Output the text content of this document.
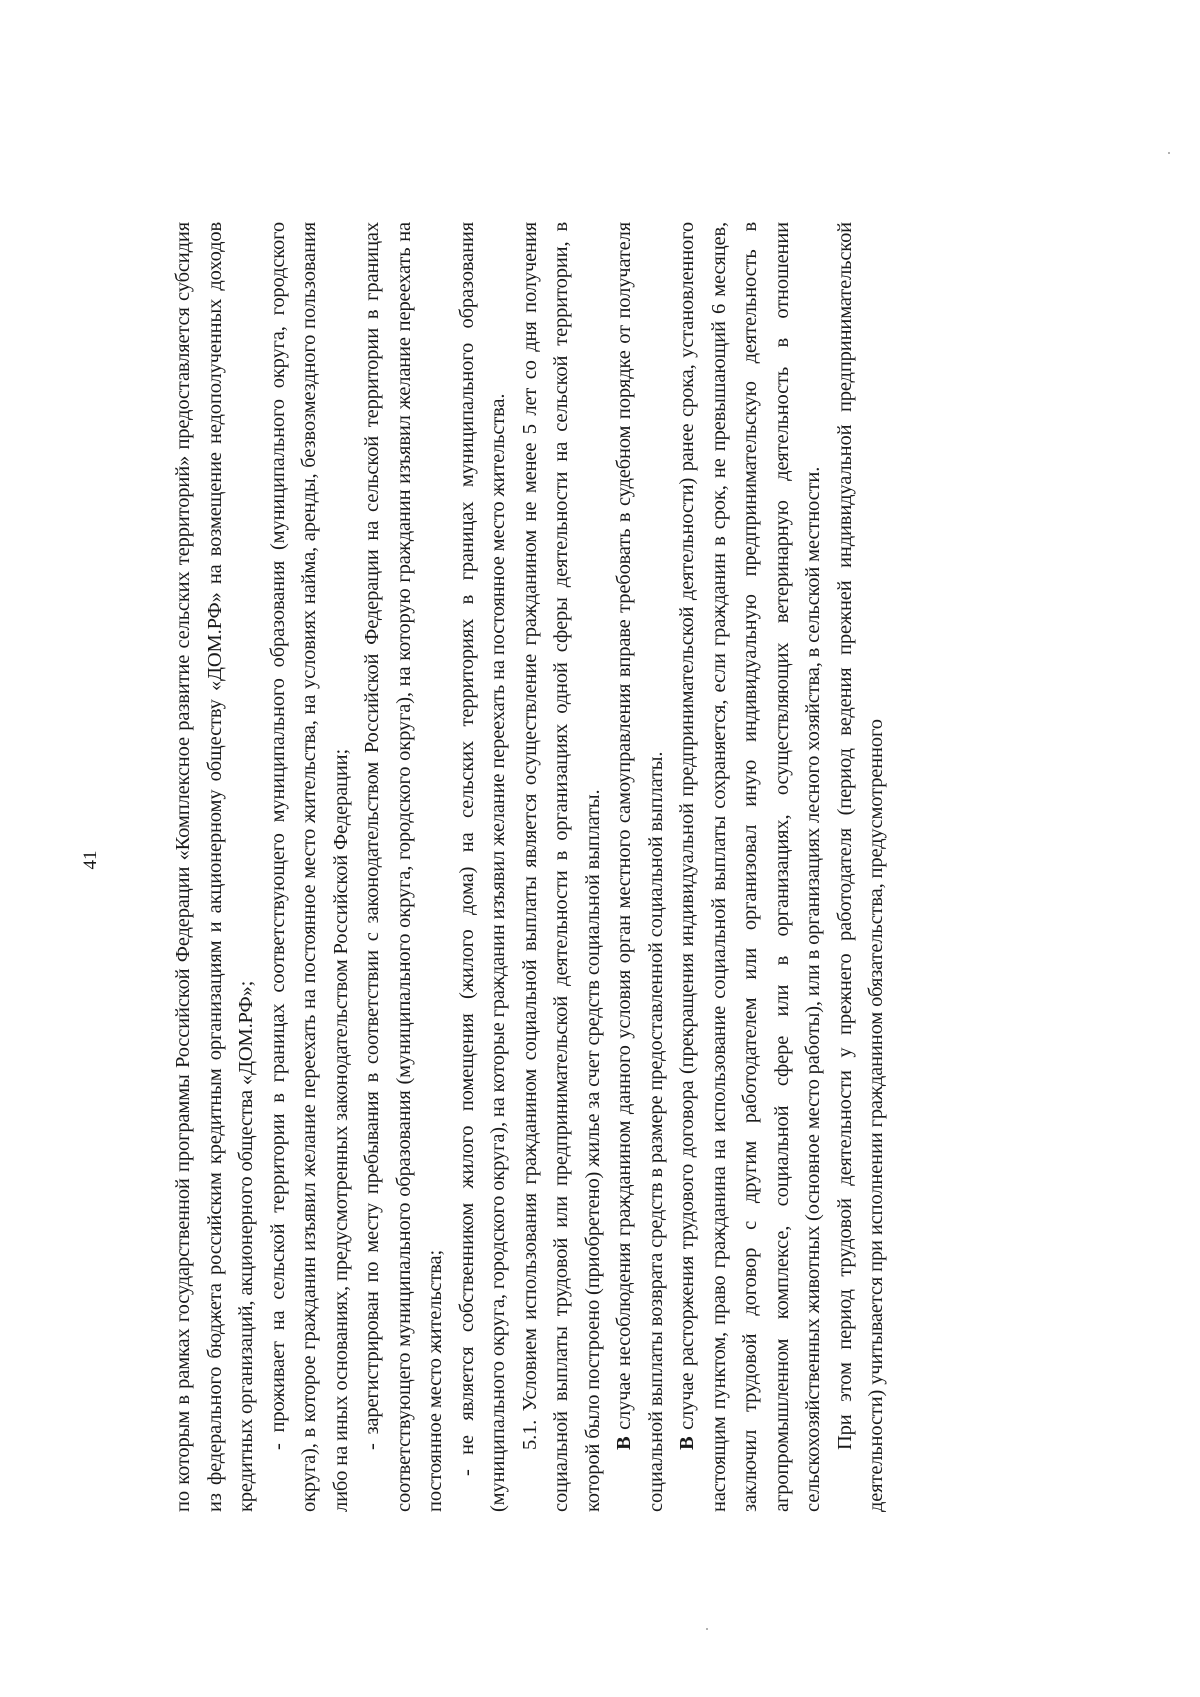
41	по которым в рамках государственной программы Российской Федерации «Комплексное развитие сельских территорий» предоставляется субсидия из федерального бюджета российским кредитным организациям и акционерному обществу «ДОМ.РФ» на возмещение недополученных доходов кредитных организаций, акционерного общества «ДОМ.РФ»; - проживает на сельской территории в границах соответствующего муниципального образования (муниципального округа, городского округа), в которое гражданин изъявил желание переехать на постоянное место жительства, на условиях найма, аренды, безвозмездного пользования либо на иных основаниях, предусмотренных законодательством Российской Федерации; - зарегистрирован по месту пребывания в соответствии с законодательством Российской Федерации на сельской территории в границах соответствующего муниципального образования (муниципального округа, городского округа), на которую гражданин изъявил желание переехать на постоянное место жительства; - не является собственником жилого помещения (жилого дома) на сельских территориях в границах муниципального образования (муниципального округа, городского округа), на которые гражданин изъявил желание переехать на постоянное место жительства. 5.1. Условием использования гражданином социальной выплаты является осуществление гражданином не менее 5 лет со дня получения социальной выплаты трудовой или предпринимательской деятельности в организациях одной сферы деятельности на сельской территории, в которой было построено (приобретено) жилье за счет средств социальной выплаты. В случае несоблюдения гражданином данного условия орган местного самоуправления вправе требовать в судебном порядке от получателя социальной выплаты возврата средств в размере предоставленной социальной выплаты. В случае расторжения трудового договора (прекращения индивидуальной предпринимательской деятельности) ранее срока, установленного настоящим пунктом, право гражданина на использование социальной выплаты сохраняется, если гражданин в срок, не превышающий 6 месяцев, заключил трудовой договор с другим работодателем или организовал иную индивидуальную предпринимательскую деятельность в агропромышленном комплексе, социальной сфере или в организациях, осуществляющих ветеринарную деятельность в отношении сельскохозяйственных животных (основное место работы), или в организациях лесного хозяйства, в сельской местности. При этом период трудовой деятельности у прежнего работодателя (период ведения прежней индивидуальной предпринимательской деятельности) учитывается при исполнении гражданином обязательства, предусмотренного
